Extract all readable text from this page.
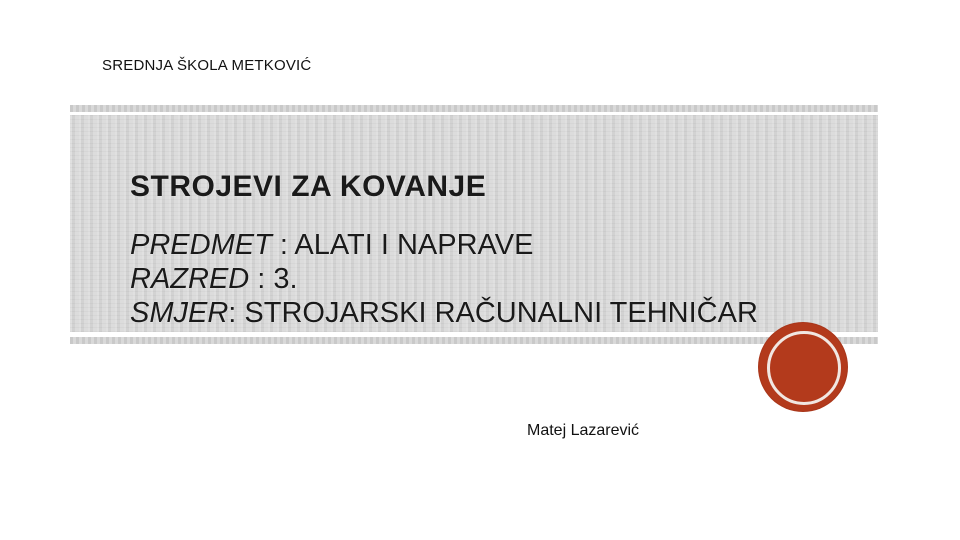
SREDNJA ŠKOLA METKOVIĆ
STROJEVI ZA KOVANJE
PREDMET : ALATI I NAPRAVE
RAZRED : 3.
SMJER: STROJARSKI RAČUNALNI TEHNIČAR
Matej Lazarević
